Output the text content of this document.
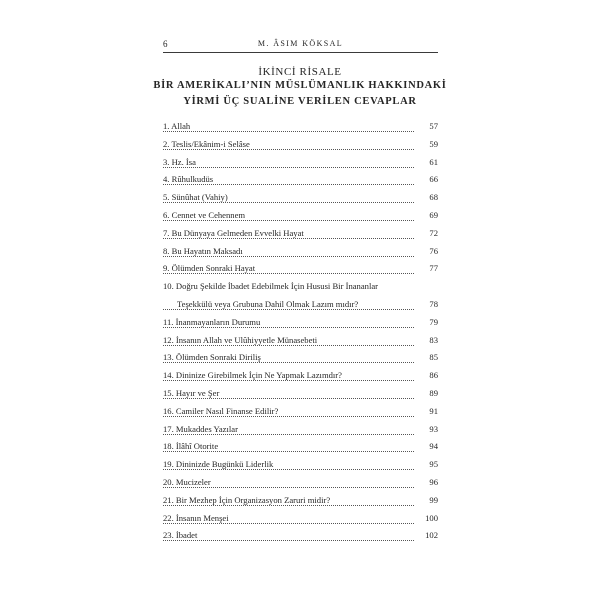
6	M. ÂSIM KÖKSAL
İKİNCİ RİSALE
BİR AMERİKALI’NIN MÜSLÜMANLIK HAKKINDAKİ
YİRMİ ÜÇ SUALİNE VERİLEN CEVAPLAR
1. Allah	57
2. Teslis/Ekânim-i Selâse	59
3. Hz. İsa	61
4. Rûhulkudüs	66
5. Sünûhat (Vahiy)	68
6. Cennet ve Cehennem	69
7. Bu Dünyaya Gelmeden Evvelki Hayat	72
8. Bu Hayatın Maksadı	76
9. Ölümden Sonraki Hayat	77
10. Doğru Şekilde İbadet Edebilmek İçin Hususi Bir İnananlar
Teşekkülü veya Grubuna Dahil Olmak Lazım mıdır?	78
11. İnanmayanların Durumu	79
12. İnsanın Allah ve Ulûhiyyetle Münasebeti	83
13. Ölümden Sonraki Diriliş	85
14. Dininize Girebilmek İçin Ne Yapmak Lazımdır?	86
15. Hayır ve Şer	89
16. Camiler Nasıl Finanse Edilir?	91
17. Mukaddes Yazılar	93
18. İlâhî Otorite	94
19. Dininizde Bugünkü Liderlik	95
20. Mucizeler	96
21. Bir Mezhep İçin Organizasyon Zaruri midir?	99
22. İnsanın Menşei	100
23. İbadet	102
